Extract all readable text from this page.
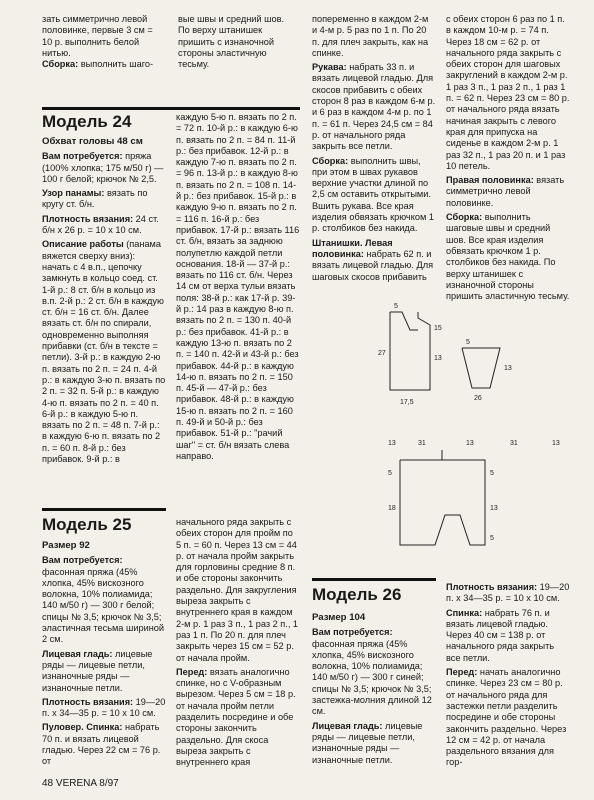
зать симметрично левой половинке, первые 3 см = 10 р. выполнить белой нитью.
Сборка: выполнить шаго-
вые швы и средний шов. По верху штанишек пришить с изнаночной стороны эластичную тесьму.
Модель 24
Обхват головы 48 см

Вам потребуется: пряжа (100% хлопка; 175 м/50 г) — 100 г белой; крючок № 2,5.

Узор панамы: вязать по кругу ст. б/н.

Плотность вязания: 24 ст. б/н x 26 р. = 10 x 10 см.

Описание работы (панама вяжется сверху вниз): начать с 4 в.п., цепочку замкнуть в кольцо соед. ст. 1-й р.: 8 ст. б/н в кольцо из в.п. 2-й р.: 2 ст. б/н в каждую ст. б/н = 16 ст. б/н. Далее вязать ст. б/н по спирали, одновременно выполняя прибавки (ст. б/н в тексте = петли). 3-й р.: в каждую 2-ю п. вязать по 2 п. = 24 п. 4-й р.: в каждую 3-ю п. вязать по 2 п. = 32 п. 5-й р.: в каждую 4-ю п. вязать по 2 п. = 40 п. 6-й р.: в каждую 5-ю п. вязать по 2 п. = 48 п. 7-й р.: в каждую 6-ю п. вязать по 2 п. = 60 п. 8-й р.: без прибавок. 9-й р.: в

каждую 5-ю п. вязать по 2 п. = 72 п. 10-й р.: в каждую 6-ю п. вязать по 2 п. = 84 п. 11-й р.: без прибавок. 12-й р.: в каждую 7-ю п. вязать по 2 п. = 96 п. 13-й р.: в каждую 8-ю п. вязать по 2 п. = 108 п. 14-й р.: без прибавок. 15-й р.: в каждую 9-ю п. вязать по 2 п. = 116 п. 16-й р.: без прибавок. 17-й р.: вязать 116 ст. б/н, вязать за заднюю полупетлю каждой петли основания. 18-й — 37-й р.: вязать по 116 ст. б/н. Через 14 см от верха тульи вязать поля: 38-й р.: как 17-й р. 39-й р.: 14 раз в каждую 8-ю п. вязать по 2 п. = 130 п. 40-й р.: без прибавок. 41-й р.: в каждую 13-ю п. вязать по 2 п. = 140 п. 42-й и 43-й р.: без прибавок. 44-й р.: в каждую 14-ю п. вязать по 2 п. = 150 п. 45-й — 47-й р.: без прибавок. 48-й р.: в каждую 15-ю п. вязать по 2 п. = 160 п. 49-й и 50-й р.: без прибавок. 51-й р.: "рачий шаг" = ст. б/н вязать слева направо.

попеременно в каждом 2-м и 4-м р. 5 раз по 1 п. По 20 п. для плеч закрыть, как на спинке.

Рукава: набрать 33 п. и вязать лицевой гладью. Для скосов прибавить с обеих сторон 8 раз в каждом 6-м р. и 6 раз в каждом 4-м р. по 1 п. = 61 п. Через 24,5 см = 84 р. от начального ряда закрыть все петли.

Сборка: выполнить швы, при этом в швах рукавов верхние участки длиной по 2,5 см оставить открытыми. Вшить рукава. Все края изделия обвязать крючком 1 р. столбиков без накида.

Штанишки. Левая половинка: набрать 62 п. и вязать лицевой гладью. Для шаговых скосов прибавить

с обеих сторон 6 раз по 1 п. в каждом 10-м р. = 74 п. Через 18 см = 62 р. от начального ряда закрыть с обеих сторон для шаговых закруглений в каждом 2-м р. 1 раз 3 п., 1 раз 2 п., 1 раз 1 п. = 62 п. Через 23 см = 80 р. от начального ряда вязать начиная закрыть с левого края для припуска на сиденье в каждом 2-м р. 1 раз 32 п., 1 раз 20 п. и 1 раз 10 петель.

Правая половинка: вязать симметрично левой половинке.

Сборка: выполнить шаговые швы и средний шов. Все края изделия обвязать крючком 1 р. столбиков без накида. По верху штанишек с изнаночной стороны пришить эластичную тесьму.

15
13
27
5
17,5
5
13
26
13	31	13	31	13
5	5
18	13
5
Модель 25
Размер 92

Вам потребуется: фасонная пряжа (45% хлопка, 45% вискозного волокна, 10% полиамида; 140 м/50 г) — 300 г белой; спицы № 3,5; крючок № 3,5; эластичная тесьма шириной 2 см.

Лицевая гладь: лицевые ряды — лицевые петли, изнаночные ряды — изнаночные петли.

Плотность вязания: 19—20 п. x 34—35 р. = 10 x 10 см.

Пуловер. Спинка: набрать 70 п. и вязать лицевой гладью. Через 22 см = 76 р. от

начального ряда закрыть с обеих сторон для пройм по 5 п. = 60 п. Через 13 см = 44 р. от начала пройм закрыть для горловины средние 8 п. и обе стороны закончить раздельно. Для закругления выреза закрыть с внутреннего края в каждом 2-м р. 1 раз 3 п., 1 раз 2 п., 1 раз 1 п. По 20 п. для плеч закрыть через 15 см = 52 р. от начала пройм.

Перед: вязать аналогично спинке, но с V-образным вырезом. Через 5 см = 18 р. от начала пройм петли разделить посредине и обе стороны закончить раздельно. Для скоса выреза закрыть с внутреннего края

Модель 26
Размер 104

Вам потребуется: фасонная пряжа (45% хлопка, 45% вискозного волокна, 10% полиамида; 140 м/50 г) — 300 г синей; спицы № 3,5; крючок № 3,5; застежка-молния длиной 12 см.

Лицевая гладь: лицевые ряды — лицевые петли, изнаночные ряды — изнаночные петли.

Плотность вязания: 19—20 п. x 34—35 р. = 10 x 10 см.

Спинка: набрать 76 п. и вязать лицевой гладью. Через 40 см = 138 р. от начального ряда закрыть все петли.

Перед: начать аналогично спинке. Через 23 см = 80 р. от начального ряда для застежки петли разделить посредине и обе стороны закончить раздельно. Через 12 см = 42 р. от начала раздельного вязания для гор-

48 VERENA 8/97
